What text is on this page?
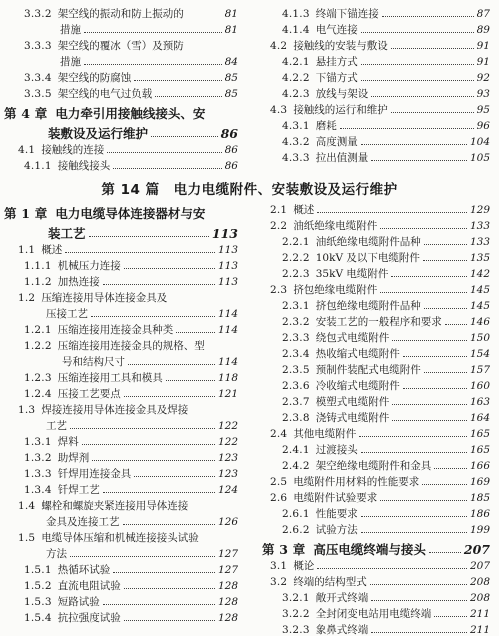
3.3.2 架空线的振动和防上振动的	81
措施	81
3.3.3 架空线的覆冰（雪）及预防
措施	84
3.3.4 架空线的防腐蚀	85
3.3.5 架空线的电气过负载	85
第 4 章 电力牵引用接触线接头、安
装敷设及运行维护	86
4.1 接触线的连接	86
4.1.1 接触线接头	86
4.1.3 终端下锚连接	87
4.1.4 电气连接	89
4.2 接触线的安装与敷设	91
4.2.1 悬挂方式	91
4.2.2 下锚方式	92
4.2.3 放线与架设	93
4.3 接触线的运行和维护	95
4.3.1 磨耗	96
4.3.2 高度测量	104
4.3.3 拉出值测量	105
第 14 篇　电力电缆附件、安装敷设及运行维护
第 1 章 电力电缆导体连接器材与安
装工艺	113
1.1 概述	113
1.1.1 机械压力连接	113
1.1.2 加热连接	113
1.2 压缩连接用导体连接金具及
压接工艺	114
1.2.1 压缩连接用连接金具种类	114
1.2.2 压缩连接用连接金具的规格、型
号和结构尺寸	114
1.2.3 压缩连接用工具和模具	118
1.2.4 压接工艺要点	121
1.3 焊接连接用导体连接金具及焊接
工艺	122
1.3.1 焊料	122
1.3.2 助焊剂	123
1.3.3 钎焊用连接金具	123
1.3.4 钎焊工艺	124
1.4 螺栓和螺旋夹紧连接用导体连接
金具及连接工艺	126
1.5 电缆导体压缩和机械连接接头试验
方法	127
1.5.1 热循环试验	127
1.5.2 直流电阻试验	128
1.5.3 短路试验	128
1.5.4 抗拉强度试验	128
2.1 概述	129
2.2 油纸绝缘电缆附件	133
2.2.1 油纸绝缘电缆附件品种	133
2.2.2 10kV 及以下电缆附件	135
2.2.3 35kV 电缆附件	142
2.3 挤包绝缘电缆附件	145
2.3.1 挤包绝缘电缆附件品种	145
2.3.2 安装工艺的一般程序和要求	146
2.3.3 绕包式电缆附件	150
2.3.4 热收缩式电缆附件	154
2.3.5 预制件装配式电缆附件	157
2.3.6 冷收缩式电缆附件	160
2.3.7 模塑式电缆附件	163
2.3.8 浇铸式电缆附件	164
2.4 其他电缆附件	165
2.4.1 过渡接头	165
2.4.2 架空绝缘电缆附件和金具	166
2.5 电缆附件用材料的性能要求	169
2.6 电缆附件试验要求	185
2.6.1 性能要求	186
2.6.2 试验方法	199
第 3 章 高压电缆终端与接头	207
3.1 概论	207
3.2 终端的结构型式	208
3.2.1 敞开式终端	208
3.2.2 全封闭变电站用电缆终端	211
3.2.3 象鼻式终端	211
